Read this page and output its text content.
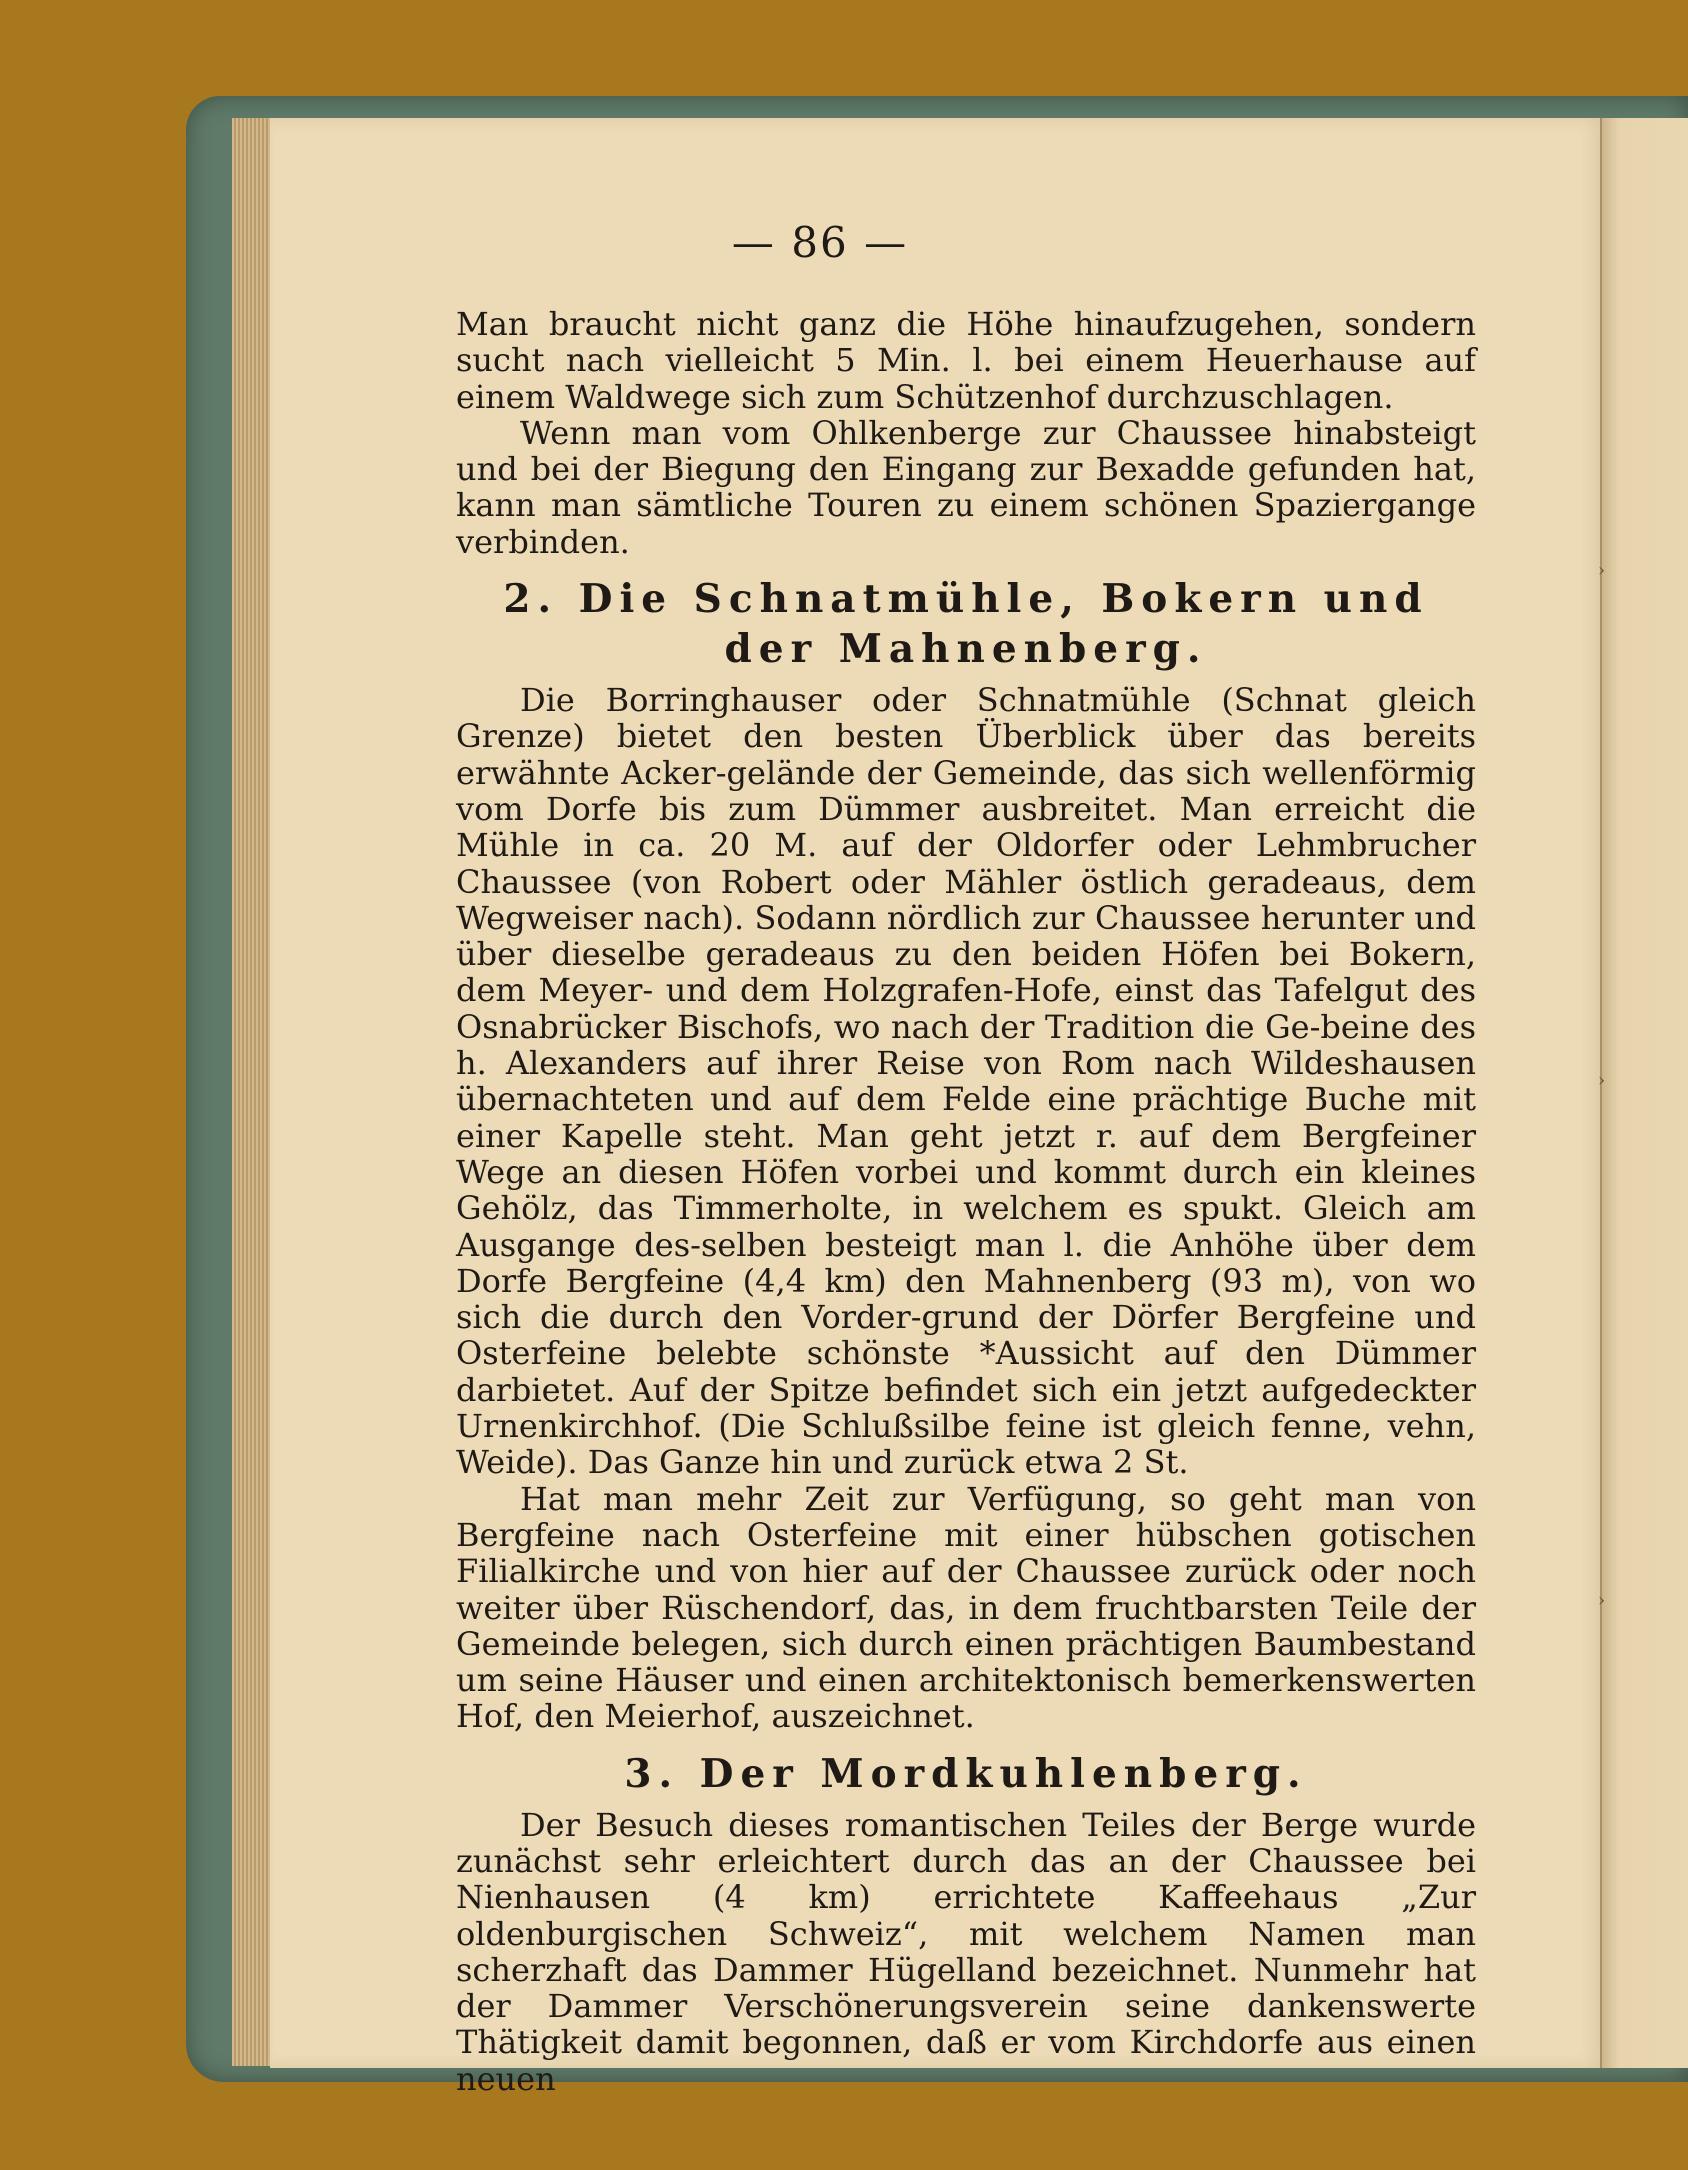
›
›
›
— 86 —

Man braucht nicht ganz die Höhe hinaufzugehen, sondern sucht nach vielleicht 5 Min. l. bei einem Heuerhause auf einem Waldwege sich zum Schützenhof durchzuschlagen.

Wenn man vom Ohlkenberge zur Chaussee hinabsteigt und bei der Biegung den Eingang zur Bexadde gefunden hat, kann man sämtliche Touren zu einem schönen Spaziergange verbinden.

2. Die Schnatmühle, Bokern und der Mahnenberg.

Die Borringhauser oder Schnatmühle (Schnat gleich Grenze) bietet den besten Überblick über das bereits erwähnte Acker-gelände der Gemeinde, das sich wellenförmig vom Dorfe bis zum Dümmer ausbreitet. Man erreicht die Mühle in ca. 20 M. auf der Oldorfer oder Lehmbrucher Chaussee (von Robert oder Mähler östlich geradeaus, dem Wegweiser nach). Sodann nördlich zur Chaussee herunter und über dieselbe geradeaus zu den beiden Höfen bei Bokern, dem Meyer- und dem Holzgrafen-Hofe, einst das Tafelgut des Osnabrücker Bischofs, wo nach der Tradition die Ge-beine des h. Alexanders auf ihrer Reise von Rom nach Wildeshausen übernachteten und auf dem Felde eine prächtige Buche mit einer Kapelle steht. Man geht jetzt r. auf dem Bergfeiner Wege an diesen Höfen vorbei und kommt durch ein kleines Gehölz, das Timmerholte, in welchem es spukt. Gleich am Ausgange des-selben besteigt man l. die Anhöhe über dem Dorfe Bergfeine (4,4 km) den Mahnenberg (93 m), von wo sich die durch den Vorder-grund der Dörfer Bergfeine und Osterfeine belebte schönste *Aussicht auf den Dümmer darbietet. Auf der Spitze befindet sich ein jetzt aufgedeckter Urnenkirchhof. (Die Schlußsilbe feine ist gleich fenne, vehn, Weide). Das Ganze hin und zurück etwa 2 St.

Hat man mehr Zeit zur Verfügung, so geht man von Bergfeine nach Osterfeine mit einer hübschen gotischen Filialkirche und von hier auf der Chaussee zurück oder noch weiter über Rüschendorf, das, in dem fruchtbarsten Teile der Gemeinde belegen, sich durch einen prächtigen Baumbestand um seine Häuser und einen architektonisch bemerkenswerten Hof, den Meierhof, auszeichnet.

3. Der Mordkuhlenberg.

Der Besuch dieses romantischen Teiles der Berge wurde zunächst sehr erleichtert durch das an der Chaussee bei Nienhausen (4 km) errichtete Kaffeehaus „Zur oldenburgischen Schweiz“, mit welchem Namen man scherzhaft das Dammer Hügelland bezeichnet. Nunmehr hat der Dammer Verschönerungsverein seine dankenswerte Thätigkeit damit begonnen, daß er vom Kirchdorfe aus einen neuen
